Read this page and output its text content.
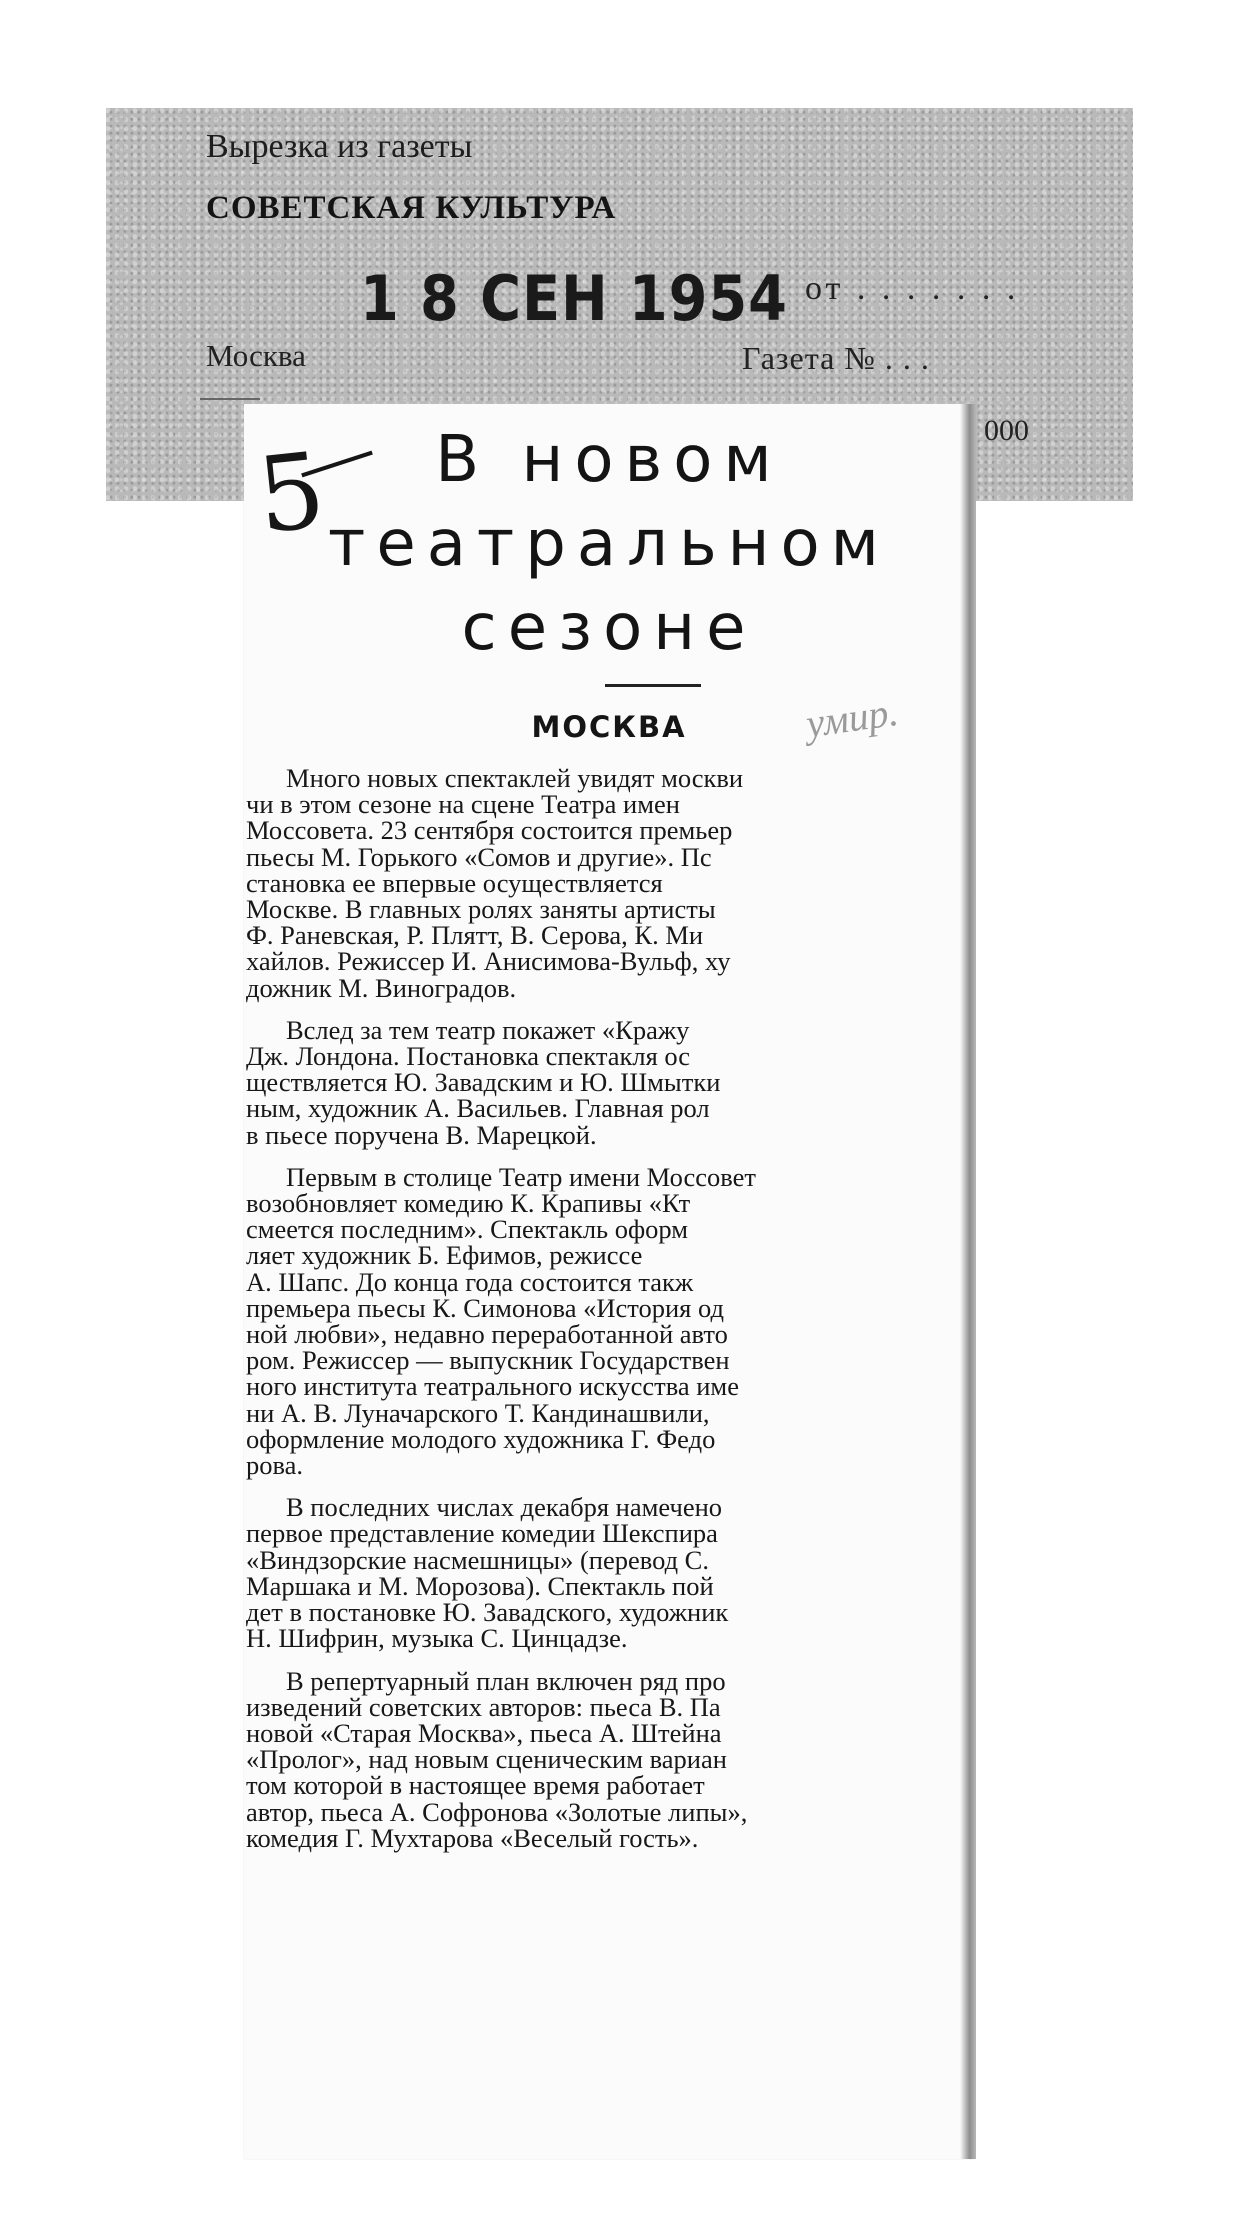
Вырезка из газеты
СОВЕТСКАЯ КУЛЬТУРА
1 8 СЕН 1954 от . . . . . . .
Москва	Газета № . . .
000
5	В новом
театральном
сезоне
МОСКВА	умир.
Много новых спектаклей увидят москви
чи в этом сезоне на сцене Театра имен
Моссовета. 23 сентября состоится премьер
пьесы М. Горького «Сомов и другие». Пс
становка ее впервые осуществляется
Москве. В главных ролях заняты артисты
Ф. Раневская, Р. Плятт, В. Серова, К. Ми
хайлов. Режиссер И. Анисимова-Вульф, ху
дожник М. Виноградов.
Вслед за тем театр покажет «Кражу
Дж. Лондона. Постановка спектакля ос
ществляется Ю. Завадским и Ю. Шмытки
ным, художник А. Васильев. Главная рол
в пьесе поручена В. Марецкой.
Первым в столице Театр имени Моссовет
возобновляет комедию К. Крапивы «Кт
смеется последним». Спектакль оформ
ляет художник Б. Ефимов, режиссе
А. Шапс. До конца года состоится такж
премьера пьесы К. Симонова «История од
ной любви», недавно переработанной авто
ром. Режиссер — выпускник Государствен
ного института театрального искусства име
ни А. В. Луначарского Т. Кандинашвили,
оформление молодого художника Г. Федо
рова.
В последних числах декабря намечено
первое представление комедии Шекспира
«Виндзорские насмешницы» (перевод С.
Маршака и М. Морозова). Спектакль пой
дет в постановке Ю. Завадского, художник
Н. Шифрин, музыка С. Цинцадзе.
В репертуарный план включен ряд про
изведений советских авторов: пьеса В. Па
новой «Старая Москва», пьеса А. Штейна
«Пролог», над новым сценическим вариан
том которой в настоящее время работает
автор, пьеса А. Софронова «Золотые липы»,
комедия Г. Мухтарова «Веселый гость».
